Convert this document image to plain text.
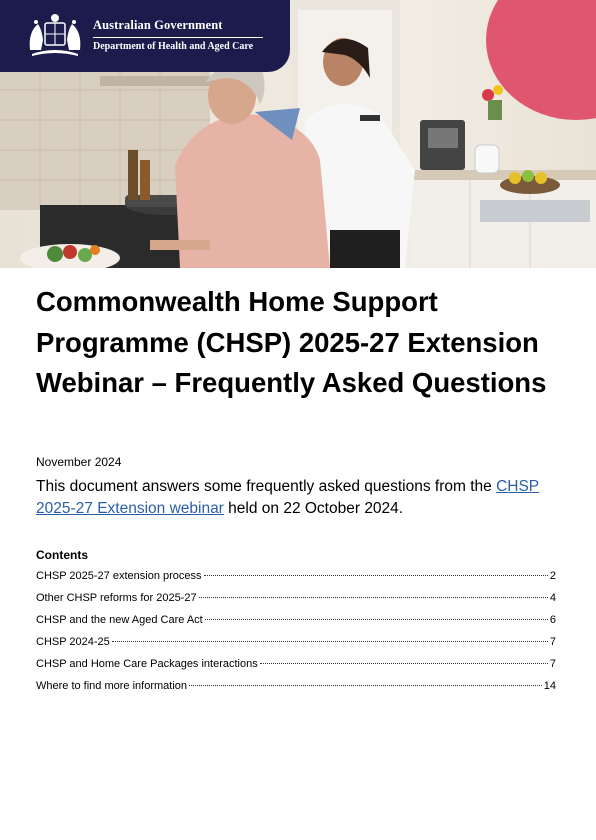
Australian Government
Department of Health and Aged Care
Commonwealth Home Support Programme (CHSP) 2025-27 Extension Webinar – Frequently Asked Questions
November 2024
This document answers some frequently asked questions from the CHSP 2025-27 Extension webinar held on 22 October 2024.
Contents
CHSP 2025-27 extension process	2
Other CHSP reforms for 2025-27	4
CHSP and the new Aged Care Act	6
CHSP 2024-25	7
CHSP and Home Care Packages interactions	7
Where to find more information	14
